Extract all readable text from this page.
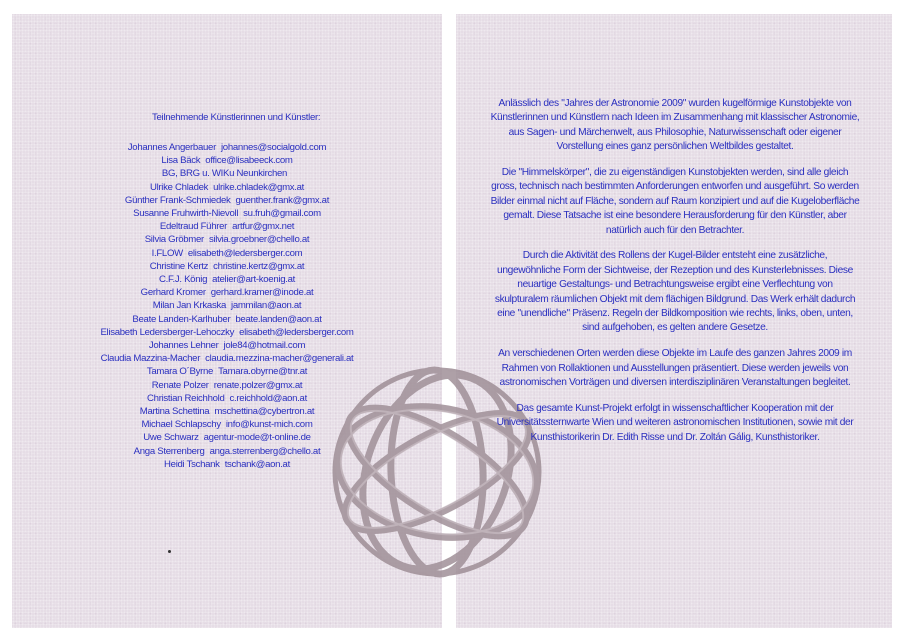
Teilnehmende Künstlerinnen und Künstler:
Johannes Angerbauer johannes@socialgold.com
Lisa Bäck office@lisabeeck.com
BG, BRG u. WIKu Neunkirchen
Ulrike Chladek ulrike.chladek@gmx.at
Günther Frank-Schmiedek guenther.frank@gmx.at
Susanne Fruhwirth-Nievoll su.fruh@gmail.com
Edeltraud Führer artfur@gmx.net
Silvia Gröbmer silvia.groebner@chello.at
I.FLOW elisabeth@ledersberger.com
Christine Kertz christine.kertz@gmx.at
C.F.J. König atelier@art-koenig.at
Gerhard Kromer gerhard.kramer@inode.at
Milan Jan Krkaska jammilan@aon.at
Beate Landen-Karlhuber beate.landen@aon.at
Elisabeth Ledersberger-Lehoczky elisabeth@ledersberger.com
Johannes Lehner jole84@hotmail.com
Claudia Mazzina-Macher claudia.mezzina-macher@generali.at
Tamara O´Byrne Tamara.obyrne@tnr.at
Renate Polzer renate.polzer@gmx.at
Christian Reichhold c.reichhold@aon.at
Martina Schettina mschettina@cybertron.at
Michael Schlapschy info@kunst-mich.com
Uwe Schwarz agentur-mode@t-online.de
Anga Sterrenberg anga.sterrenberg@chello.at
Heidi Tschank tschank@aon.at

Anlässlich des "Jahres der Astronomie 2009" wurden kugelförmige Kunstobjekte von Künstlerinnen und Künstlern nach Ideen im Zusammenhang mit klassischer Astronomie, aus Sagen- und Märchenwelt, aus Philosophie, Naturwissenschaft oder eigener Vorstellung eines ganz persönlichen Weltbildes gestaltet.

Die "Himmelskörper", die zu eigenständigen Kunstobjekten werden, sind alle gleich gross, technisch nach bestimmten Anforderungen entworfen und ausgeführt. So werden Bilder einmal nicht auf Fläche, sondern auf Raum konzipiert und auf die Kugeloberfläche gemalt. Diese Tatsache ist eine besondere Herausforderung für den Künstler, aber natürlich auch für den Betrachter.

Durch die Aktivität des Rollens der Kugel-Bilder entsteht eine zusätzliche, ungewöhnliche Form der Sichtweise, der Rezeption und des Kunsterlebnisses. Diese neuartige Gestaltungs- und Betrachtungsweise ergibt eine Verflechtung von skulpturalem räumlichen Objekt mit dem flächigen Bildgrund. Das Werk erhält dadurch eine "unendliche" Präsenz. Regeln der Bildkomposition wie rechts, links, oben, unten, sind aufgehoben, es gelten andere Gesetze.

An verschiedenen Orten werden diese Objekte im Laufe des ganzen Jahres 2009 im Rahmen von Rollaktionen und Ausstellungen präsentiert. Diese werden jeweils von astronomischen Vorträgen und diversen interdisziplinären Veranstaltungen begleitet.

Das gesamte Kunst-Projekt erfolgt in wissenschaftlicher Kooperation mit der Universitätssternwarte Wien und weiteren astronomischen Institutionen, sowie mit der Kunsthistorikerin Dr. Edith Risse und Dr. Zoltán Gálig, Kunsthistoriker.
